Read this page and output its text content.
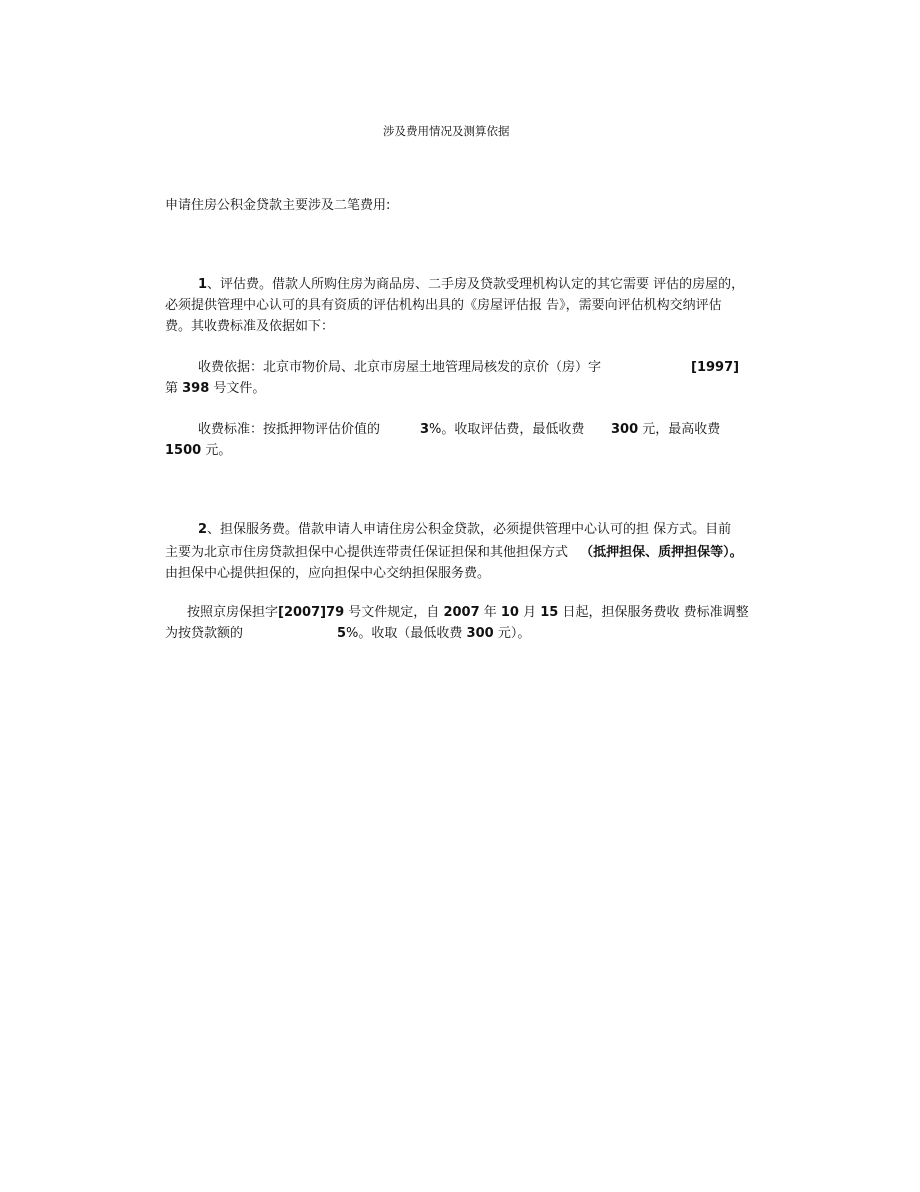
涉及费用情况及测算依据
申请住房公积金贷款主要涉及二笔费用:
1、评估费。借款人所购住房为商品房、二手房及贷款受理机构认定的其它需要 评估的房屋的，
必须提供管理中心认可的具有资质的评估机构出具的《房屋评估报 告》，需要向评估机构交纳评估
费。其收费标准及依据如下：
收费依据：北京市物价局、北京市房屋土地管理局核发的京价（房）字	[1997]
第 398 号文件。
收费标准：按抵押物评估价值的	3%。收取评估费，最低收费 300 元，最高收费
1500 元。
2、担保服务费。借款申请人申请住房公积金贷款，必须提供管理中心认可的担 保方式。目前
主要为北京市住房贷款担保中心提供连带责任保证担保和其他担保方式 （抵押担保、质押担保等）。
由担保中心提供担保的，应向担保中心交纳担保服务费。
按照京房保担字[2007]79 号文件规定，自 2007 年 10 月 15 日起，担保服务费收 费标准调整
为按贷款额的	5%。收取（最低收费 300 元）。
